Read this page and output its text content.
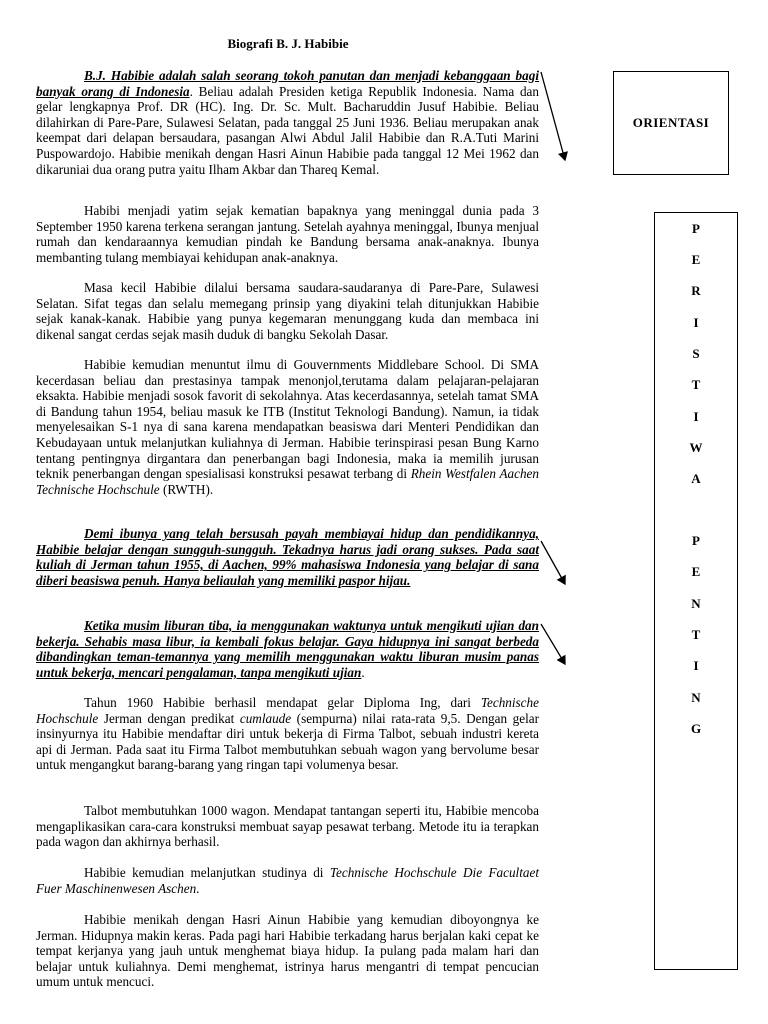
Biografi B. J. Habibie

B.J. Habibie adalah salah seorang tokoh panutan dan menjadi kebanggaan bagi banyak orang di Indonesia. Beliau adalah Presiden ketiga Republik Indonesia. Nama dan gelar lengkapnya Prof. DR (HC). Ing. Dr. Sc. Mult. Bacharuddin Jusuf Habibie. Beliau dilahirkan di Pare-Pare, Sulawesi Selatan, pada tanggal 25 Juni 1936. Beliau merupakan anak keempat dari delapan bersaudara, pasangan Alwi Abdul Jalil Habibie dan R.A.Tuti Marini Puspowardojo. Habibie menikah dengan Hasri Ainun Habibie pada tanggal 12 Mei 1962 dan dikaruniai dua orang putra yaitu Ilham Akbar dan Thareq Kemal.

Habibi menjadi yatim sejak kematian bapaknya yang meninggal dunia pada 3 September 1950 karena terkena serangan jantung. Setelah ayahnya meninggal, Ibunya menjual rumah dan kendaraannya kemudian pindah ke Bandung bersama anak-anaknya. Ibunya membanting tulang membiayai kehidupan anak-anaknya.

Masa kecil Habibie dilalui bersama saudara-saudaranya di Pare-Pare, Sulawesi Selatan. Sifat tegas dan selalu memegang prinsip yang diyakini telah ditunjukkan Habibie sejak kanak-kanak. Habibie yang punya kegemaran menunggang kuda dan membaca ini dikenal sangat cerdas sejak masih duduk di bangku Sekolah Dasar.

Habibie kemudian menuntut ilmu di Gouvernments Middlebare School. Di SMA kecerdasan beliau dan prestasinya tampak menonjol,terutama dalam pelajaran-pelajaran eksakta. Habibie menjadi sosok favorit di sekolahnya. Atas kecerdasannya, setelah tamat SMA di Bandung tahun 1954, beliau masuk ke ITB (Institut Teknologi Bandung). Namun, ia tidak menyelesaikan S-1 nya di sana karena mendapatkan beasiswa dari Menteri Pendidikan dan Kebudayaan untuk melanjutkan kuliahnya di Jerman. Habibie terinspirasi pesan Bung Karno tentang pentingnya dirgantara dan penerbangan bagi Indonesia, maka ia memilih jurusan teknik penerbangan dengan spesialisasi konstruksi pesawat terbang di Rhein Westfalen Aachen Technische Hochschule (RWTH).

Demi ibunya yang telah bersusah payah membiayai hidup dan pendidikannya, Habibie belajar dengan sungguh-sungguh. Tekadnya harus jadi orang sukses. Pada saat kuliah di Jerman tahun 1955, di Aachen, 99% mahasiswa Indonesia yang belajar di sana diberi beasiswa penuh. Hanya beliaulah yang memiliki paspor hijau.

Ketika musim liburan tiba, ia menggunakan waktunya untuk mengikuti ujian dan bekerja. Sehabis masa libur, ia kembali fokus belajar. Gaya hidupnya ini sangat berbeda dibandingkan teman-temannya yang memilih menggunakan waktu liburan musim panas untuk bekerja, mencari pengalaman, tanpa mengikuti ujian.

Tahun 1960 Habibie berhasil mendapat gelar Diploma Ing, dari Technische Hochschule Jerman dengan predikat cumlaude (sempurna) nilai rata-rata 9,5. Dengan gelar insinyurnya itu Habibie mendaftar diri untuk bekerja di Firma Talbot, sebuah industri kereta api di Jerman. Pada saat itu Firma Talbot membutuhkan sebuah wagon yang bervolume besar untuk mengangkut barang-barang yang ringan tapi volumenya besar.

Talbot membutuhkan 1000 wagon. Mendapat tantangan seperti itu, Habibie mencoba mengaplikasikan cara-cara konstruksi membuat sayap pesawat terbang. Metode itu ia terapkan pada wagon dan akhirnya berhasil.

Habibie kemudian melanjutkan studinya di Technische Hochschule Die Facultaet Fuer Maschinenwesen Aschen.

Habibie menikah dengan Hasri Ainun Habibie yang kemudian diboyongnya ke Jerman. Hidupnya makin keras. Pada pagi hari Habibie terkadang harus berjalan kaki cepat ke tempat kerjanya yang jauh untuk menghemat biaya hidup. Ia pulang pada malam hari dan belajar untuk kuliahnya. Demi menghemat, istrinya harus mengantri di tempat pencucian umum untuk mencuci.

ORIENTASI
P
E
R
I
S
T
I
W
A
P
E
N
T
I
N
G
